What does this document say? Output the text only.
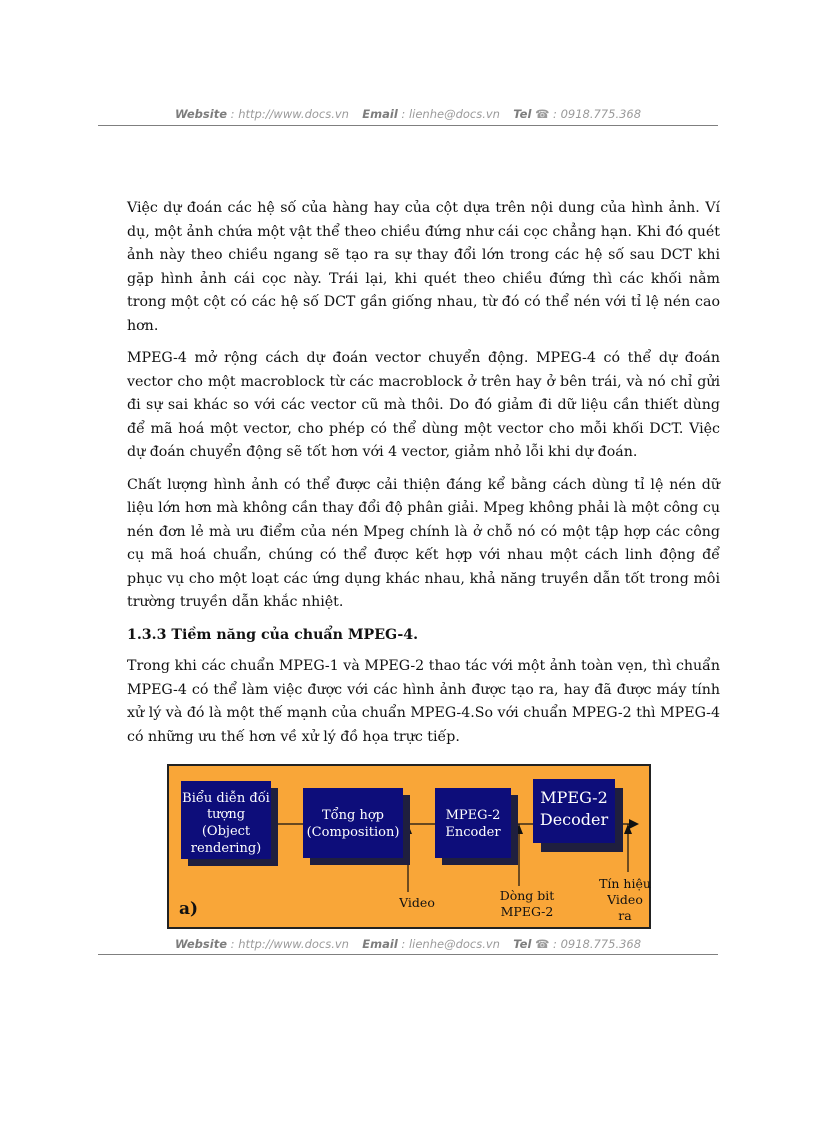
Website : http://www.docs.vn Email : lienhe@docs.vn Tel ☎ : 0918.775.368

Việc dự đoán các hệ số của hàng hay của cột dựa trên nội dung của hình ảnh. Ví dụ, một ảnh chứa một vật thể theo chiều đứng như cái cọc chẳng hạn. Khi đó quét ảnh này theo chiều ngang sẽ tạo ra sự thay đổi lớn trong các hệ số sau DCT khi gặp hình ảnh cái cọc này. Trái lại, khi quét theo chiều đứng thì các khối nằm trong một cột có các hệ số DCT gần giống nhau, từ đó có thể nén với tỉ lệ nén cao hơn.

MPEG-4 mở rộng cách dự đoán vector chuyển động. MPEG-4 có thể dự đoán vector cho một macroblock từ các macroblock ở trên hay ở bên trái, và nó chỉ gửi đi sự sai khác so với các vector cũ mà thôi. Do đó giảm đi dữ liệu cần thiết dùng để mã hoá một vector, cho phép có thể dùng một vector cho mỗi khối DCT. Việc dự đoán chuyển động sẽ tốt hơn với 4 vector, giảm nhỏ lỗi khi dự đoán.

Chất lượng hình ảnh có thể được cải thiện đáng kể bằng cách dùng tỉ lệ nén dữ liệu lớn hơn mà không cần thay đổi độ phân giải. Mpeg không phải là một công cụ nén đơn lẻ mà ưu điểm của nén Mpeg chính là ở chỗ nó có một tập hợp các công cụ mã hoá chuẩn, chúng có thể được kết hợp với nhau một cách linh động để phục vụ cho một loạt các ứng dụng khác nhau, khả năng truyền dẫn tốt trong môi trường truyền dẫn khắc nhiệt.

1.3.3 Tiềm năng của chuẩn MPEG-4.

Trong khi các chuẩn MPEG-1 và MPEG-2 thao tác với một ảnh toàn vẹn, thì chuẩn MPEG-4 có thể làm việc được với các hình ảnh được tạo ra, hay đã được máy tính xử lý và đó là một thế mạnh của chuẩn MPEG-4.So với chuẩn MPEG-2 thì MPEG-4 có những ưu thế hơn về xử lý đồ họa trực tiếp.

Biểu diễn đối
tượng
(Object
rendering)
Tổng hợp
(Composition)
MPEG-2
Encoder
MPEG-2
Decoder
a)	Video	Dòng bit
MPEG-2
Tín hiệu
Video
ra
Website : http://www.docs.vn Email : lienhe@docs.vn Tel ☎ : 0918.775.368
